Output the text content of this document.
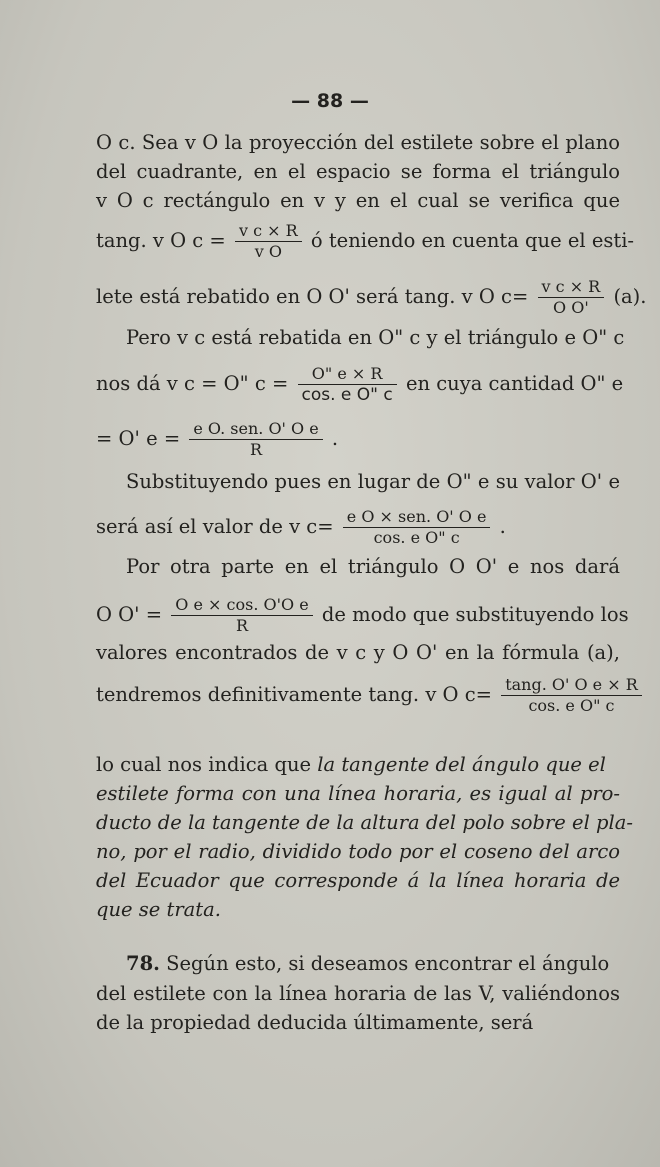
— 88 —
O c. Sea v O la proyección del estilete sobre el plano
del cuadrante, en el espacio se forma el triángulo
v O c rectángulo en v y en el cual se verifica que
tang. v O $c = \frac{\text{v c × R}}{\text{v O}}$ ó teniendo en cuenta que el esti-
lete está rebatido en O O' será tang. v O $c= \frac{\text{v c × R}}{\text{O O'}} (a)$.
Pero v c está rebatida en O" c y el triángulo e O" c
nos dá v c = O" $c = \frac{O" e \times R}{\text{cos. e O" c}}$ en cuya cantidad O" e
= O' $e = \frac{\text{e O. sen. O' O e}}{R}$ .
Substituyendo pues en lugar de O" e su valor O' e
será así el valor de v $c= \frac{\text{e O × sen. O' O e}}{\text{cos. e O" c}}$ .
Por otra parte en el triángulo O O' e nos dará
O $O' = \frac{\text{O e × cos. O'O e}}{R}$ de modo que substituyendo los
valores encontrados de v c y O O' en la fórmula (a),
tendremos definitivamente tang. v O $c= \frac{\text{tang. O' O e × R}}{\text{cos. e O" c}}$
lo cual nos indica que la tangente del ángulo que el
estilete forma con una línea horaria, es igual al pro-
ducto de la tangente de la altura del polo sobre el pla-
no, por el radio, dividido todo por el coseno del arco
del Ecuador que corresponde á la línea horaria de
que se trata.
78. Según esto, si deseamos encontrar el ángulo
del estilete con la línea horaria de las V, valiéndonos
de la propiedad deducida últimamente, será
